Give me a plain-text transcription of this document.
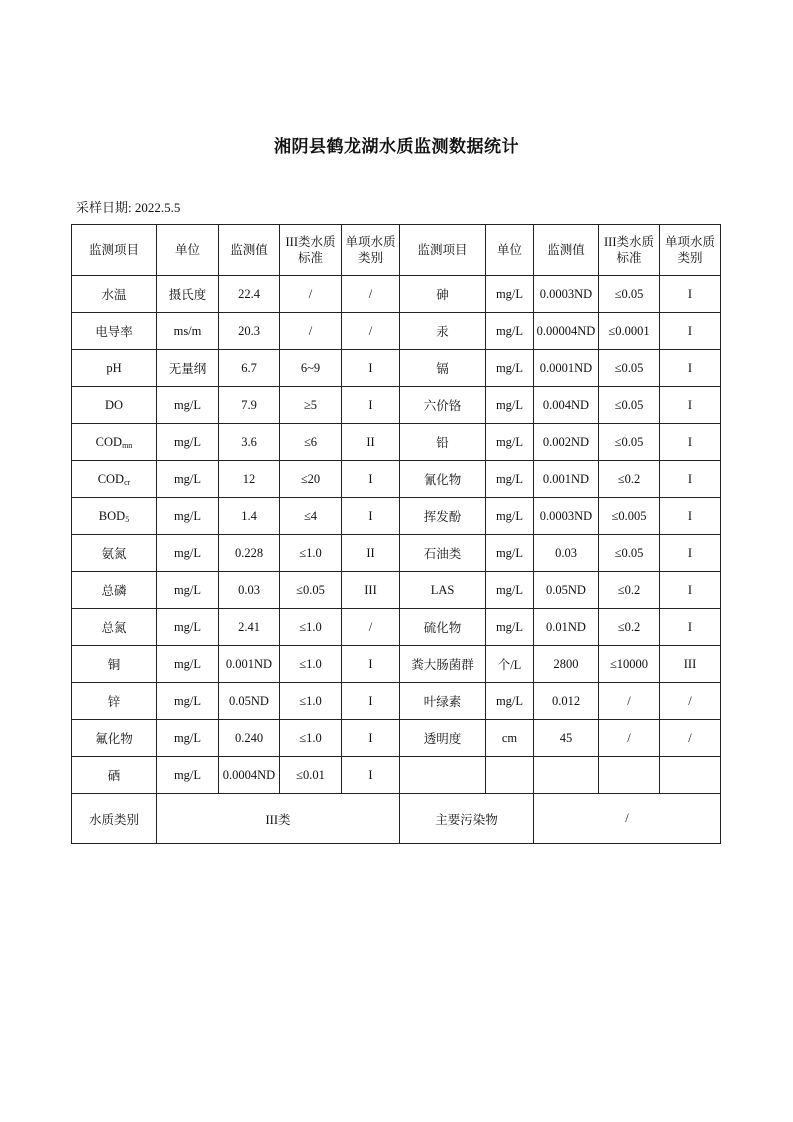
湘阴县鹤龙湖水质监测数据统计
采样日期: 2022.5.5
监测项目	单位	监测值	III类水质标准	单项水质类别	监测项目	单位	监测值	III类水质标准	单项水质类别
水温	摄氏度	22.4	/	/	砷	mg/L	0.0003ND	≤0.05	I
电导率	ms/m	20.3	/	/	汞	mg/L	0.00004ND	≤0.0001	I
pH	无量纲	6.7	6~9	I	镉	mg/L	0.0001ND	≤0.05	I
DO	mg/L	7.9	≥5	I	六价铬	mg/L	0.004ND	≤0.05	I
$COD_{mn}$	mg/L	3.6	≤6	II	铅	mg/L	0.002ND	≤0.05	I
$COD_{cr}$	mg/L	12	≤20	I	氰化物	mg/L	0.001ND	≤0.2	I
$BOD_5$	mg/L	1.4	≤4	I	挥发酚	mg/L	0.0003ND	≤0.005	I
氨氮	mg/L	0.228	≤1.0	II	石油类	mg/L	0.03	≤0.05	I
总磷	mg/L	0.03	≤0.05	III	LAS	mg/L	0.05ND	≤0.2	I
总氮	mg/L	2.41	≤1.0	/	硫化物	mg/L	0.01ND	≤0.2	I
铜	mg/L	0.001ND	≤1.0	I	粪大肠菌群	个/L	2800	≤10000	III
锌	mg/L	0.05ND	≤1.0	I	叶绿素	mg/L	0.012	/	/
氟化物	mg/L	0.240	≤1.0	I	透明度	cm	45	/	/
硒	mg/L	0.0004ND	≤0.01	I					
水质类别	III类				主要污染物		/		
